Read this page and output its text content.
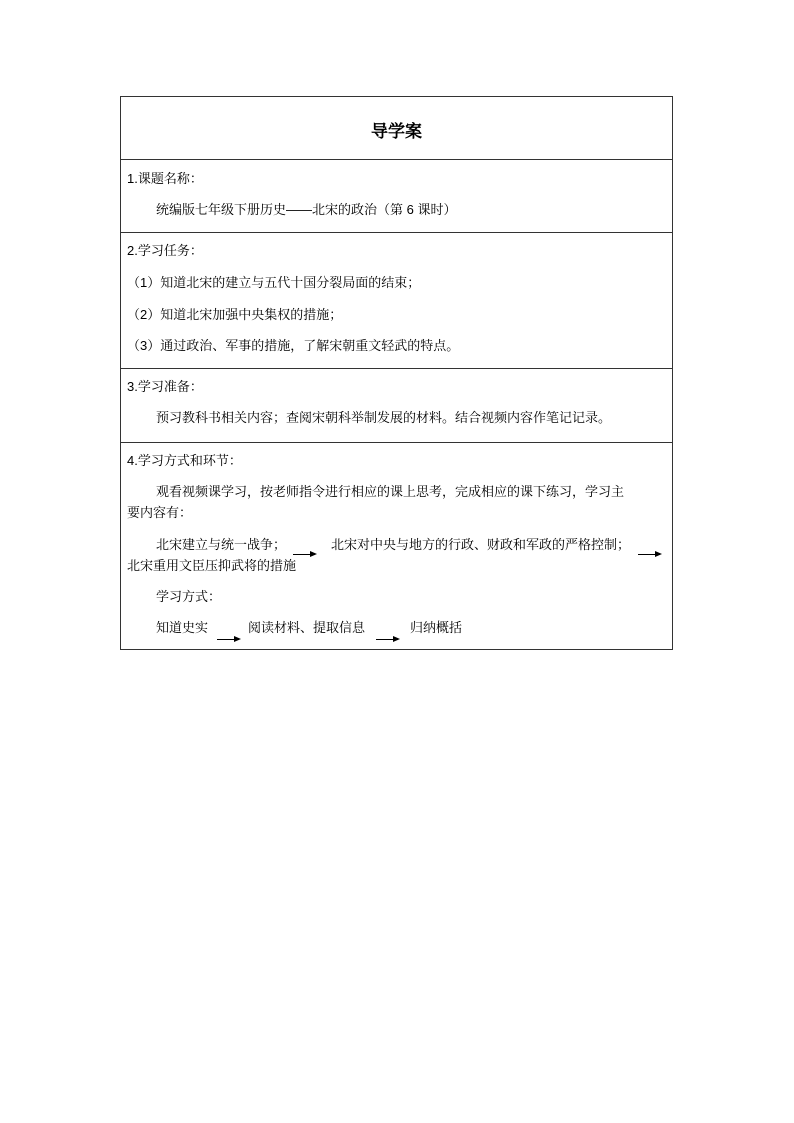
导学案
1.课题名称：
统编版七年级下册历史——北宋的政治（第 6 课时）
2.学习任务：
（1）知道北宋的建立与五代十国分裂局面的结束；
（2）知道北宋加强中央集权的措施；
（3）通过政治、军事的措施，了解宋朝重文轻武的特点。
3.学习准备：
预习教科书相关内容；查阅宋朝科举制发展的材料。结合视频内容作笔记记录。
4.学习方式和环节：
观看视频课学习，按老师指令进行相应的课上思考，完成相应的课下练习，学习主
要内容有：
北宋建立与统一战争；	北宋对中央与地方的行政、财政和军政的严格控制；
北宋重用文臣压抑武将的措施
学习方式：
知道史实	阅读材料、提取信息	归纳概括
